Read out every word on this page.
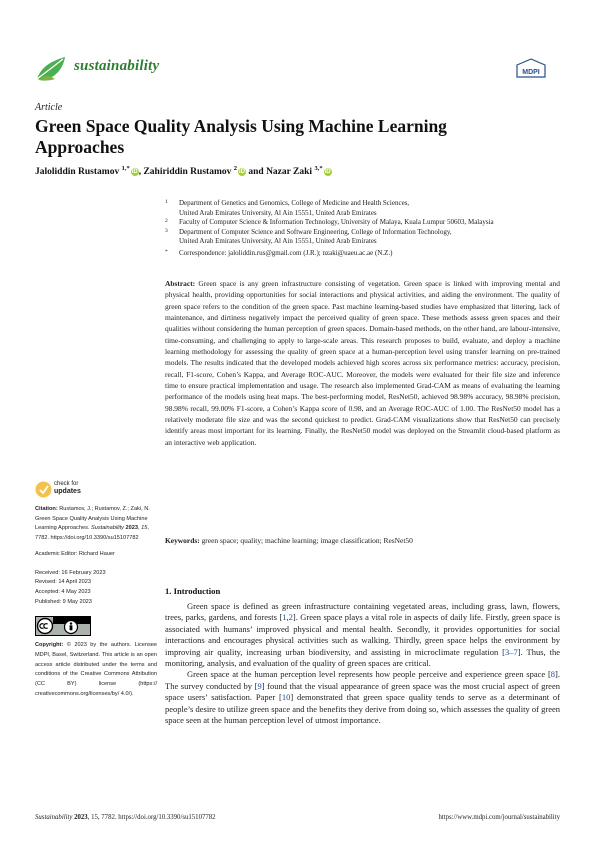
sustainability	MDPI
Article
Green Space Quality Analysis Using Machine Learning Approaches
Jaloliddin Rustamov $^{1,*}$iD, Zahiriddin Rustamov $^2$iD and Nazar Zaki $^{3,*}$iD
1 Department of Genetics and Genomics, College of Medicine and Health Sciences,
United Arab Emirates University, Al Ain 15551, United Arab Emirates
2 Faculty of Computer Science & Information Technology, University of Malaya, Kuala Lumpur 50603, Malaysia
3 Department of Computer Science and Software Engineering, College of Information Technology,
United Arab Emirates University, Al Ain 15551, United Arab Emirates
* Correspondence: jaloliddin.rus@gmail.com (J.R.); nzaki@uaeu.ac.ae (N.Z.)
Abstract: Green space is any green infrastructure consisting of vegetation. Green space is linked with improving mental and physical health, providing opportunities for social interactions and physical activities, and aiding the environment. The quality of green space refers to the condition of the green space. Past machine learning-based studies have emphasized that littering, lack of maintenance, and dirtiness negatively impact the perceived quality of green space. These methods assess green spaces and their qualities without considering the human perception of green spaces. Domain-based methods, on the other hand, are labour-intensive, time-consuming, and challenging to apply to large-scale areas. This research proposes to build, evaluate, and deploy a machine learning methodology for assessing the quality of green space at a human-perception level using transfer learning on pre-trained models. The results indicated that the developed models achieved high scores across six performance metrics: accuracy, precision, recall, F1-score, Cohen’s Kappa, and Average ROC-AUC. Moreover, the models were evaluated for their file size and inference time to ensure practical implementation and usage. The research also implemented Grad-CAM as means of evaluating the learning performance of the models using heat maps. The best-performing model, ResNet50, achieved 98.98% accuracy, 98.98% precision, 98.98% recall, 99.00% F1-score, a Cohen’s Kappa score of 0.98, and an Average ROC-AUC of 1.00. The ResNet50 model has a relatively moderate file size and was the second quickest to predict. Grad-CAM visualizations show that ResNet50 can precisely identify areas most important for its learning. Finally, the ResNet50 model was deployed on the Streamlit cloud-based platform as an interactive web application.
Keywords: green space; quality; machine learning; image classification; ResNet50
check for
updates

Citation: Rustamov, J.; Rustamov, Z.; Zaki, N. Green Space Quality Analysis Using Machine Learning Approaches. Sustainability 2023, 15, 7782. https://doi.org/10.3390/su15107782

Academic Editor: Richard Hauer

Received: 16 February 2023

Revised: 14 April 2023

Accepted: 4 May 2023

Published: 9 May 2023

Copyright: © 2023 by the authors. Licensee MDPI, Basel, Switzerland. This article is an open access article distributed under the terms and conditions of the Creative Commons Attribution (CC BY) license (https:// creativecommons.org/licenses/by/ 4.0/).

1. Introduction

Green space is defined as green infrastructure containing vegetated areas, including grass, lawn, flowers, trees, parks, gardens, and forests [1,2]. Green space plays a vital role in aspects of daily life. Firstly, green space is associated with humans’ improved physical and mental health. Secondly, it provides opportunities for social interactions and encourages physical activities such as walking. Thirdly, green space helps the environment by improving air quality, increasing urban biodiversity, and assisting in microclimate regulation [3–7]. Thus, the monitoring, analysis, and evaluation of the quality of green spaces are critical.

Green space at the human perception level represents how people perceive and experience green space [8]. The survey conducted by [9] found that the visual appearance of green space was the most crucial aspect of green space users’ satisfaction. Paper [10] demonstrated that green space quality tends to serve as a determinant of people’s desire to utilize green space and the benefits they derive from doing so, which assesses the quality of green space seen at the human perception level of utmost importance.

Sustainability 2023, 15, 7782. https://doi.org/10.3390/su15107782	https://www.mdpi.com/journal/sustainability
